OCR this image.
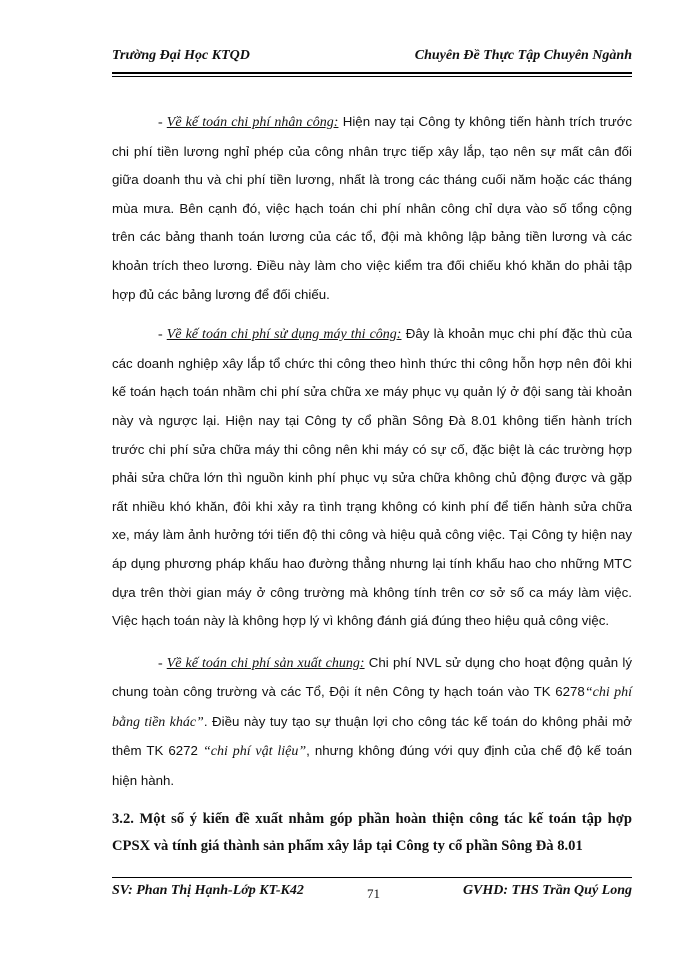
Trường Đại Học KTQD	Chuyên Đề Thực Tập Chuyên Ngành

- Về kế toán chi phí nhân công: Hiện nay tại Công ty không tiến hành trích trước chi phí tiền lương nghỉ phép của công nhân trực tiếp xây lắp, tạo nên sự mất cân đối giữa doanh thu và chi phí tiền lương, nhất là trong các tháng cuối năm hoặc các tháng mùa mưa. Bên cạnh đó, việc hạch toán chi phí nhân công chỉ dựa vào số tổng cộng trên các bảng thanh toán lương của các tổ, đội mà không lập bảng tiền lương và các khoản trích theo lương. Điều này làm cho việc kiểm tra đối chiếu khó khăn do phải tập hợp đủ các bảng lương để đối chiếu.

- Về kế toán chi phí sử dụng máy thi công: Đây là khoản mục chi phí đặc thù của các doanh nghiệp xây lắp tổ chức thi công theo hình thức thi công hỗn hợp nên đôi khi kế toán hạch toán nhầm chi phí sửa chữa xe máy phục vụ quản lý ở đội sang tài khoản này và ngược lại. Hiện nay tại Công ty cổ phần Sông Đà 8.01 không tiến hành trích trước chi phí sửa chữa máy thi công nên khi máy có sự cố, đặc biệt là các trường hợp phải sửa chữa lớn thì nguồn kinh phí phục vụ sửa chữa không chủ động được và gặp rất nhiều khó khăn, đôi khi xảy ra tình trạng không có kinh phí để tiến hành sửa chữa xe, máy làm ảnh hưởng tới tiến độ thi công và hiệu quả công việc. Tại Công ty hiện nay áp dụng phương pháp khấu hao đường thẳng nhưng lại tính khấu hao cho những MTC dựa trên thời gian máy ở công trường mà không tính trên cơ sở số ca máy làm việc. Việc hạch toán này là không hợp lý vì không đánh giá đúng theo hiệu quả công việc.

- Về kế toán chi phí sản xuất chung: Chi phí NVL sử dụng cho hoạt động quản lý chung toàn công trường và các Tổ, Đội ít nên Công ty hạch toán vào TK 6278“chi phí bằng tiền khác”. Điều này tuy tạo sự thuận lợi cho công tác kế toán do không phải mở thêm TK 6272 “chi phí vật liệu”, nhưng không đúng với quy định của chế độ kế toán hiện hành.

3.2. Một số ý kiến đề xuất nhằm góp phần hoàn thiện công tác kế toán tập hợp CPSX và tính giá thành sản phẩm xây lắp tại Công ty cổ phần Sông Đà 8.01
SV: Phan Thị Hạnh-Lớp KT-K42	71	GVHD: THS Trần Quý Long
